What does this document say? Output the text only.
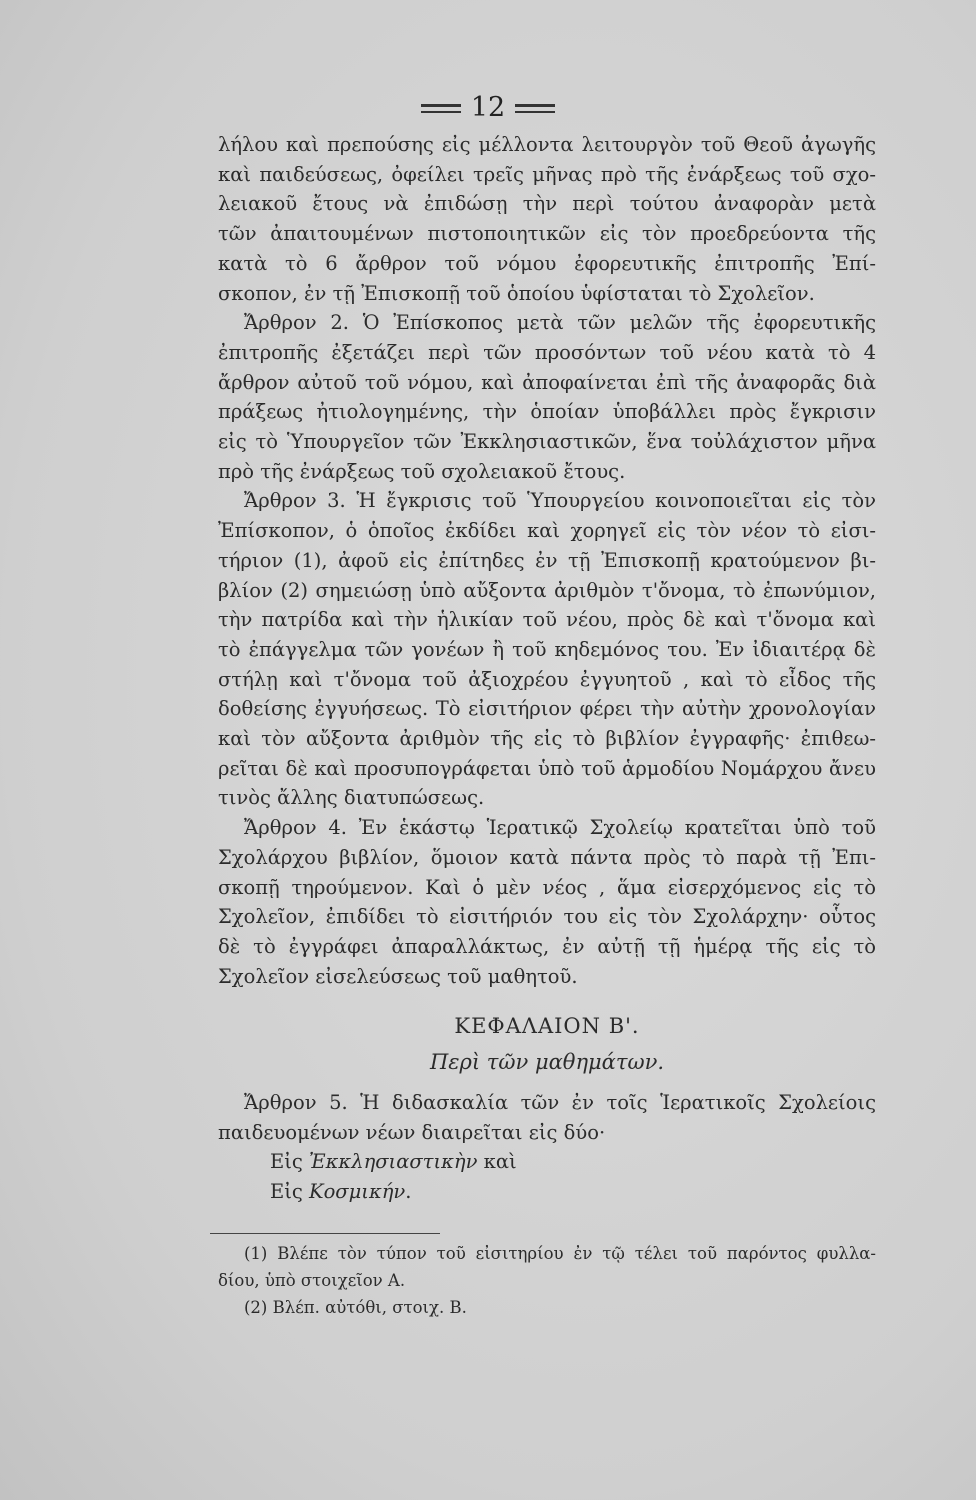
12
λήλου καὶ πρεπούσης εἰς μέλλοντα λειτουργὸν τοῦ Θεοῦ ἀγωγῆς
καὶ παιδεύσεως, ὀφείλει τρεῖς μῆνας πρὸ τῆς ἐνάρξεως τοῦ σχο-
λειακοῦ ἔτους νὰ ἐπιδώσῃ τὴν περὶ τούτου ἀναφορὰν μετὰ
τῶν ἀπαιτουμένων πιστοποιητικῶν εἰς τὸν προεδρεύοντα τῆς
κατὰ τὸ 6 ἄρθρον τοῦ νόμου ἐφορευτικῆς ἐπιτροπῆς Ἐπί-
σκοπον, ἐν τῇ Ἐπισκοπῇ τοῦ ὁποίου ὑφίσταται τὸ Σχολεῖον.
Ἄρθρον 2. Ὁ Ἐπίσκοπος μετὰ τῶν μελῶν τῆς ἐφορευτικῆς
ἐπιτροπῆς ἐξετάζει περὶ τῶν προσόντων τοῦ νέου κατὰ τὸ 4
ἄρθρον αὐτοῦ τοῦ νόμου, καὶ ἀποφαίνεται ἐπὶ τῆς ἀναφορᾶς διὰ
πράξεως ἠτιολογημένης, τὴν ὁποίαν ὑποβάλλει πρὸς ἔγκρισιν
εἰς τὸ Ὑπουργεῖον τῶν Ἐκκλησιαστικῶν, ἕνα τοὐλάχιστον μῆνα
πρὸ τῆς ἐνάρξεως τοῦ σχολειακοῦ ἔτους.
Ἄρθρον 3. Ἡ ἔγκρισις τοῦ Ὑπουργείου κοινοποιεῖται εἰς τὸν
Ἐπίσκοπον, ὁ ὁποῖος ἐκδίδει καὶ χορηγεῖ εἰς τὸν νέον τὸ εἰσι-
τήριον (1), ἀφοῦ εἰς ἐπίτηδες ἐν τῇ Ἐπισκοπῇ κρατούμενον βι-
βλίον (2) σημειώσῃ ὑπὸ αὔξοντα ἀριθμὸν τ'ὄνομα, τὸ ἐπωνύμιον,
τὴν πατρίδα καὶ τὴν ἡλικίαν τοῦ νέου, πρὸς δὲ καὶ τ'ὄνομα καὶ
τὸ ἐπάγγελμα τῶν γονέων ἢ τοῦ κηδεμόνος του. Ἐν ἰδιαιτέρᾳ δὲ
στήλῃ καὶ τ'ὄνομα τοῦ ἀξιοχρέου ἐγγυητοῦ , καὶ τὸ εἶδος τῆς
δοθείσης ἐγγυήσεως. Τὸ εἰσιτήριον φέρει τὴν αὐτὴν χρονολογίαν
καὶ τὸν αὔξοντα ἀριθμὸν τῆς εἰς τὸ βιβλίον ἐγγραφῆς· ἐπιθεω-
ρεῖται δὲ καὶ προσυπογράφεται ὑπὸ τοῦ ἁρμοδίου Νομάρχου ἄνευ
τινὸς ἄλλης διατυπώσεως.
Ἄρθρον 4. Ἐν ἑκάστῳ Ἱερατικῷ Σχολείῳ κρατεῖται ὑπὸ τοῦ
Σχολάρχου βιβλίον, ὅμοιον κατὰ πάντα πρὸς τὸ παρὰ τῇ Ἐπι-
σκοπῇ τηρούμενον. Καὶ ὁ μὲν νέος , ἅμα εἰσερχόμενος εἰς τὸ
Σχολεῖον, ἐπιδίδει τὸ εἰσιτήριόν του εἰς τὸν Σχολάρχην· οὗτος
δὲ τὸ ἐγγράφει ἀπαραλλάκτως, ἐν αὐτῇ τῇ ἡμέρᾳ τῆς εἰς τὸ
Σχολεῖον εἰσελεύσεως τοῦ μαθητοῦ.
ΚΕΦΑΛΑΙΟΝ Β'.
Περὶ τῶν μαθημάτων.
Ἄρθρον 5. Ἡ διδασκαλία τῶν ἐν τοῖς Ἱερατικοῖς Σχολείοις
παιδευομένων νέων διαιρεῖται εἰς δύο·
Εἰς Ἐκκλησιαστικὴν καὶ
Εἰς Κοσμικήν.
(1) Βλέπε τὸν τύπον τοῦ εἰσιτηρίου ἐν τῷ τέλει τοῦ παρόντος φυλλα-
δίου, ὑπὸ στοιχεῖον Α.
(2) Βλέπ. αὐτόθι, στοιχ. Β.
